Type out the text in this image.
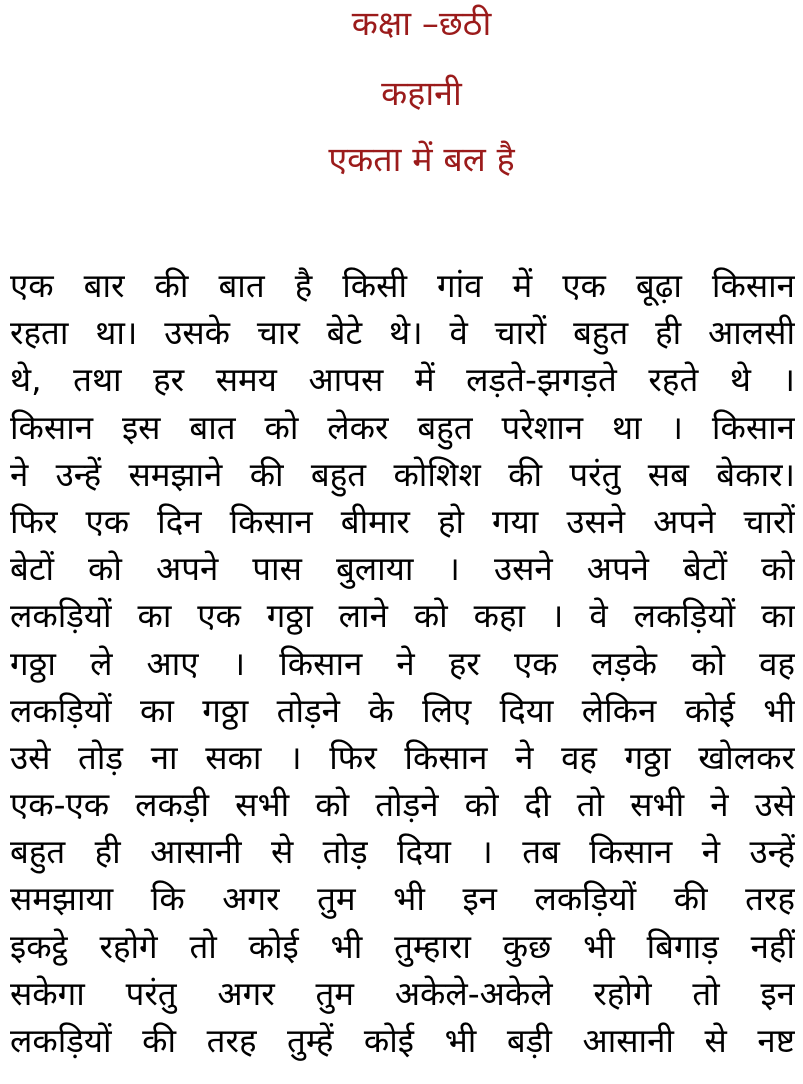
कक्षा –छठी
कहानी
एकता में बल है
एक बार की बात है किसी गांव में एक बूढ़ा किसान
रहता था। उसके चार बेटे थे। वे चारों बहुत ही आलसी
थे, तथा हर समय आपस में लड़ते-झगड़ते रहते थे ।
किसान इस बात को लेकर बहुत परेशान था । किसान
ने उन्हें समझाने की बहुत कोशिश की परंतु सब बेकार।
फिर एक दिन किसान बीमार हो गया उसने अपने चारों
बेटों को अपने पास बुलाया । उसने अपने बेटों को
लकड़ियों का एक गठ्ठा लाने को कहा । वे लकड़ियों का
गठ्ठा ले आए । किसान ने हर एक लड़के को वह
लकड़ियों का गठ्ठा तोड़ने के लिए दिया लेकिन कोई भी
उसे तोड़ ना सका । फिर किसान ने वह गठ्ठा खोलकर
एक-एक लकड़ी सभी को तोड़ने को दी तो सभी ने उसे
बहुत ही आसानी से तोड़ दिया । तब किसान ने उन्हें
समझाया कि अगर तुम भी इन लकड़ियों की तरह
इकट्ठे रहोगे तो कोई भी तुम्हारा कुछ भी बिगाड़ नहीं
सकेगा परंतु अगर तुम अकेले-अकेले रहोगे तो इन
लकड़ियों की तरह तुम्हें कोई भी बड़ी आसानी से नष्ट
